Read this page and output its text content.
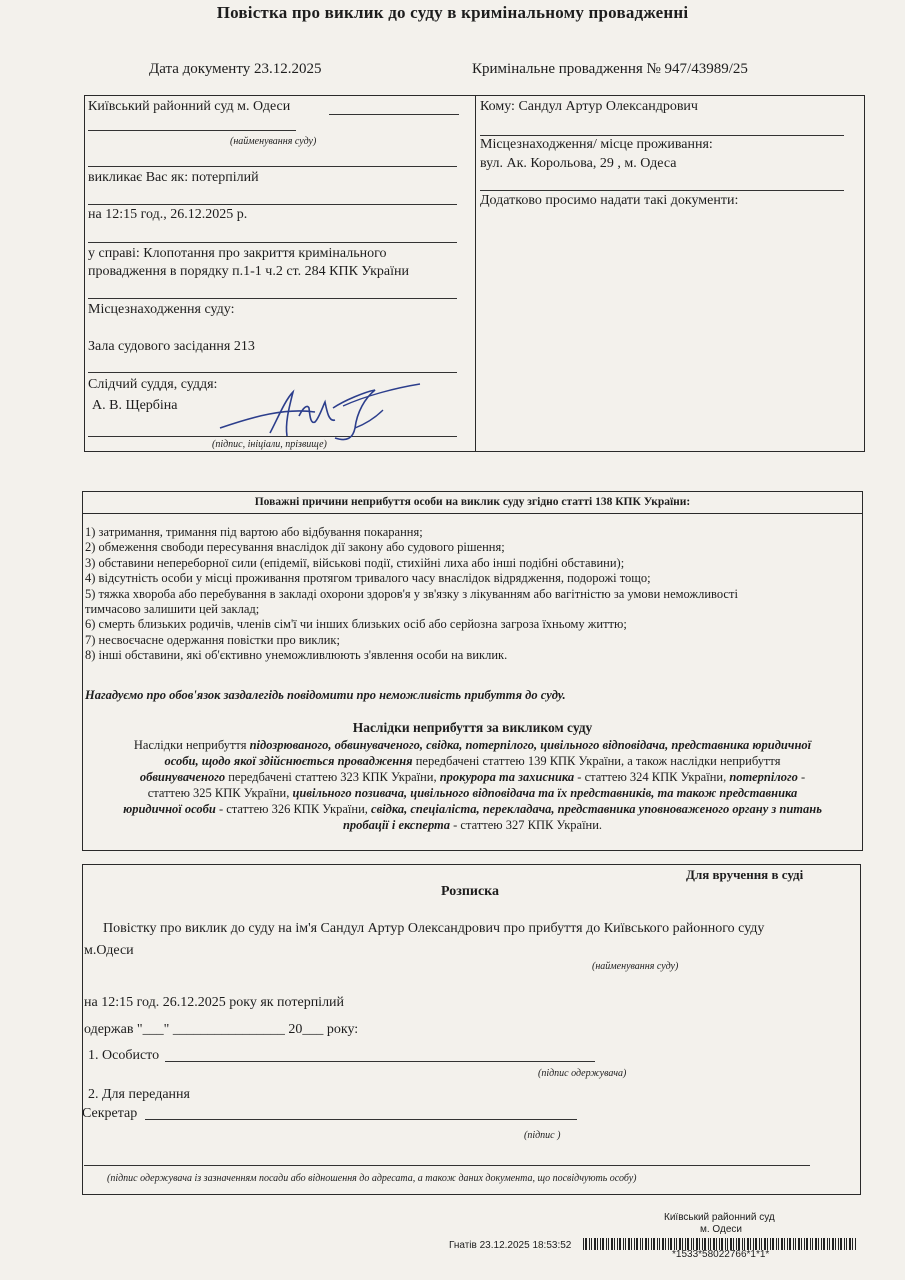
Повістка про виклик до суду в кримінальному провадженні
Дата документу 23.12.2025	Кримінальне провадження № 947/43989/25
Київський районний суд м. Одеси
(найменування суду)
викликає Вас як: потерпілий
на 12:15 год., 26.12.2025 р.
у справі: Клопотання про закриття кримінального
провадження в порядку п.1-1 ч.2 ст. 284 КПК України
Місцезнаходження суду:
Зала судового засідання 213
Слідчий суддя, суддя:
А. В. Щербіна
(підпис, ініціали, прізвище)
Кому: Сандул Артур Олександрович
Місцезнаходження/ місце проживання:
вул. Ак. Корольова, 29 , м. Одеса
Додатково просимо надати такі документи:
Поважні причини неприбуття особи на виклик суду згідно статті 138 КПК України:
1) затримання, тримання під вартою або відбування покарання;
2) обмеження свободи пересування внаслідок дії закону або судового рішення;
3) обставини непереборної сили (епідемії, військові події, стихійні лиха або інші подібні обставини);
4) відсутність особи у місці проживання протягом тривалого часу внаслідок відрядження, подорожі тощо;
5) тяжка хвороба або перебування в закладі охорони здоров'я у зв'язку з лікуванням або вагітністю за умови неможливості
тимчасово залишити цей заклад;
6) смерть близьких родичів, членів сім'ї чи інших близьких осіб або серйозна загроза їхньому життю;
7) несвоєчасне одержання повістки про виклик;
8) інші обставини, які об'єктивно унеможливлюють з'явлення особи на виклик.
Нагадуємо про обов'язок заздалегідь повідомити про неможливість прибуття до суду.
Наслідки неприбуття за викликом суду
Наслідки неприбуття підозрюваного, обвинуваченого, свідка, потерпілого, цивільного відповідача, представника юридичної
особи, щодо якої здійснюється провадження передбачені статтею 139 КПК України, а також наслідки неприбуття
обвинуваченого передбачені статтею 323 КПК України, прокурора та захисника - статтею 324 КПК України, потерпілого -
статтею 325 КПК України, цивільного позивача, цивільного відповідача та їх представників, та також представника
юридичної особи - статтею 326 КПК України, свідка, спеціаліста, перекладача, представника уповноваженого органу з питань
пробації і експерта - статтею 327 КПК України.
Для вручення в суді
Розписка
Повістку про виклик до суду на ім'я Сандул Артур Олександрович про прибуття до Київського районного суду
м.Одеси
(найменування суду)
на 12:15 год. 26.12.2025 року як потерпілий
одержав "___" ________________ 20___ року:
1. Особисто
(підпис одержувача)
2. Для передання
Секретар
(підпис )
(підпис одержувача із зазначенням посади або відношення до адресата, а також даних документа, що посвідчують особу)
Київський районний суд
м. Одеси
Гнатів 23.12.2025 18:53:52
*1533*58022766*1*1*
